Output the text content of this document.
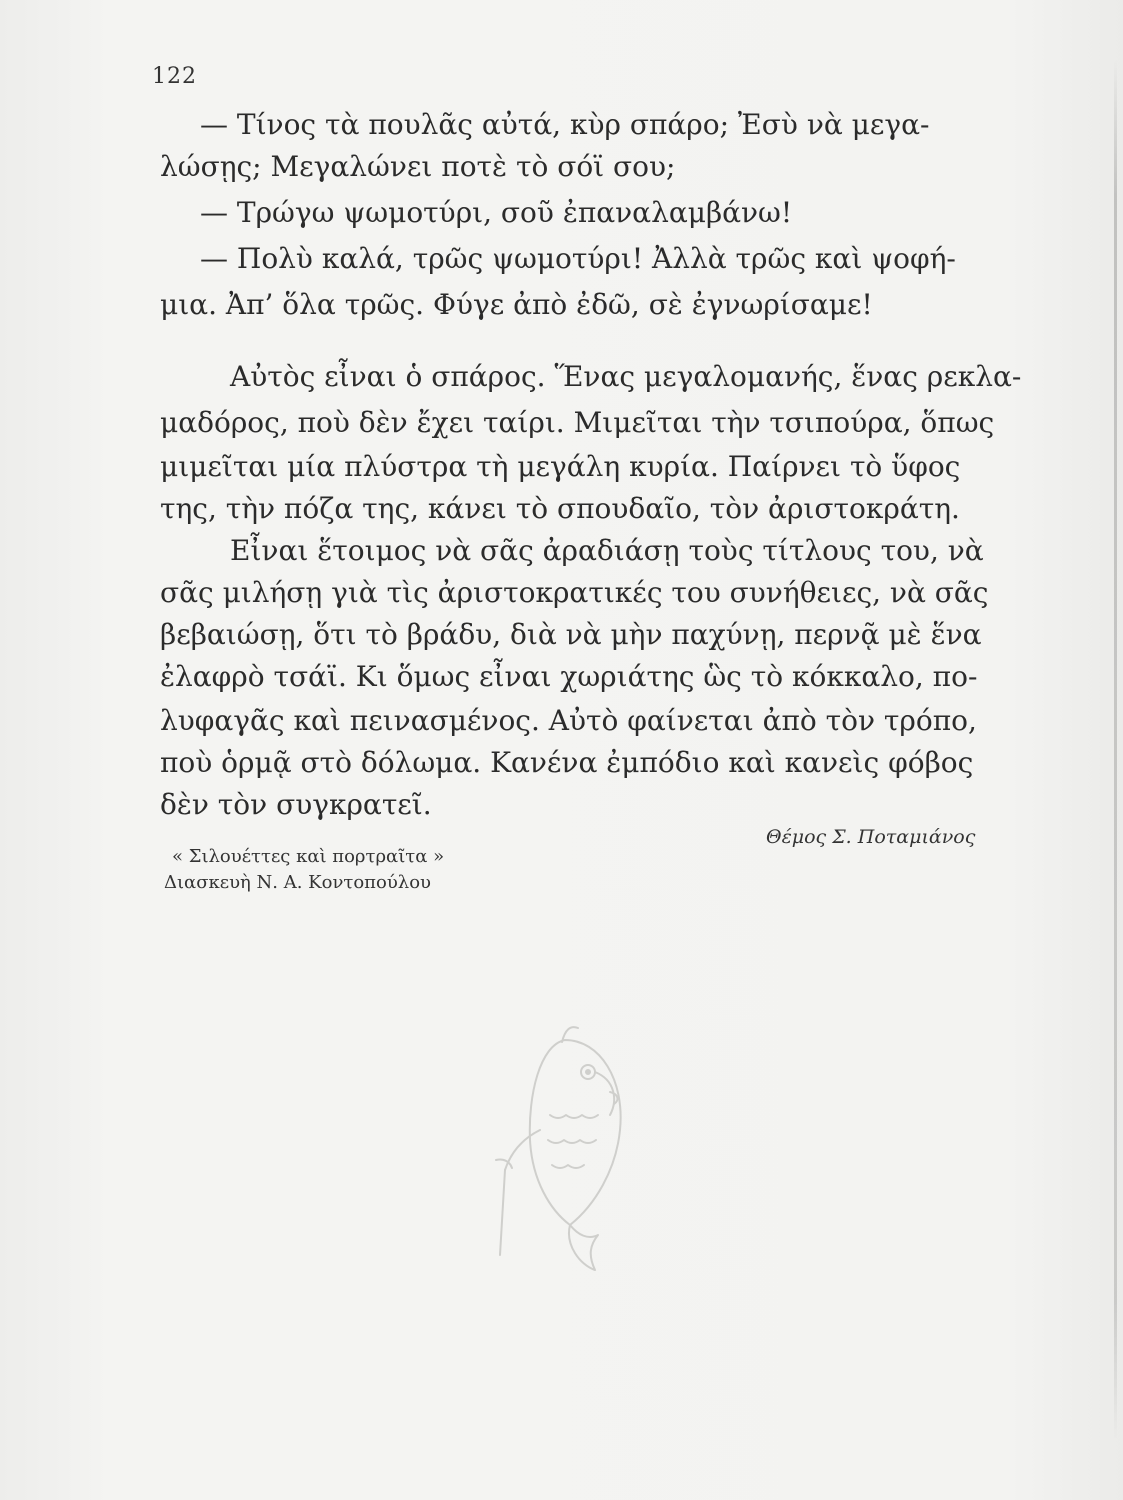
122
— Τίνος τὰ πουλᾶς αὐτά, κὺρ σπάρο; Ἐσὺ νὰ μεγα-
λώσῃς; Μεγαλώνει ποτὲ τὸ σόϊ σου;
— Τρώγω ψωμοτύρι, σοῦ ἐπαναλαμβάνω!
— Πολὺ καλά, τρῶς ψωμοτύρι! Ἀλλὰ τρῶς καὶ ψοφή-
μια. Ἀπ’ ὅλα τρῶς. Φύγε ἀπὸ ἐδῶ, σὲ ἐγνωρίσαμε!
Αὐτὸς εἶναι ὁ σπάρος. Ἕνας μεγαλομανής, ἕνας ρεκλα-
μαδόρος, ποὺ δὲν ἔχει ταίρι. Μιμεῖται τὴν τσιπούρα, ὅπως
μιμεῖται μία πλύστρα τὴ μεγάλη κυρία. Παίρνει τὸ ὕφος
της, τὴν πόζα της, κάνει τὸ σπουδαῖο, τὸν ἀριστοκράτη.
Εἶναι ἕτοιμος νὰ σᾶς ἀραδιάσῃ τοὺς τίτλους του, νὰ
σᾶς μιλήσῃ γιὰ τὶς ἀριστοκρατικές του συνήθειες, νὰ σᾶς
βεβαιώσῃ, ὅτι τὸ βράδυ, διὰ νὰ μὴν παχύνῃ, περνᾷ μὲ ἕνα
ἐλαφρὸ τσάϊ. Κι ὅμως εἶναι χωριάτης ὣς τὸ κόκκαλο, πο-
λυφαγᾶς καὶ πεινασμένος. Αὐτὸ φαίνεται ἀπὸ τὸν τρόπο,
ποὺ ὁρμᾷ στὸ δόλωμα. Κανένα ἐμπόδιο καὶ κανεὶς φόβος
δὲν τὸν συγκρατεῖ.
« Σιλουέττες καὶ πορτραῖτα »
Διασκευὴ Ν. Α. Κοντοπούλου
Θέμος Σ. Ποταμιάνος
